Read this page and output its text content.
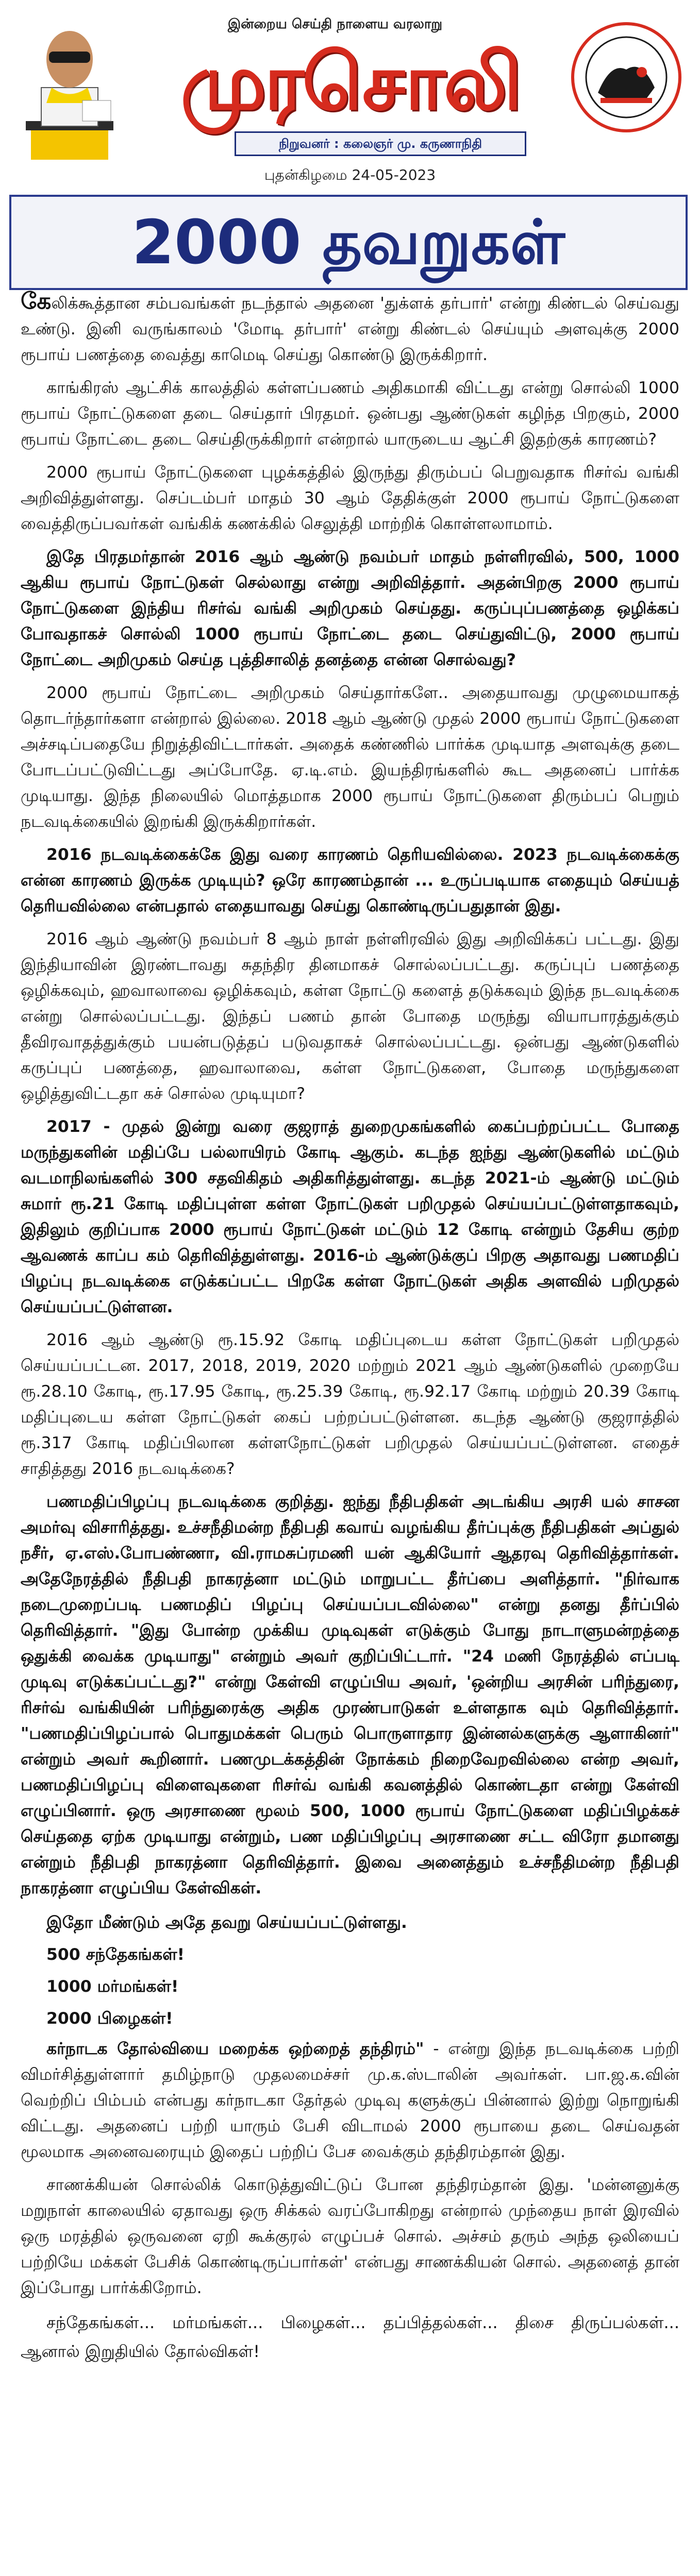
இன்றைய செய்தி நாளைய வரலாறு
முரசொலி
நிறுவனர் : கலைஞர் மு. கருணாநிதி
புதன்கிழமை 24-05-2023
2000 தவறுகள்

கேலிக்கூத்தான சம்பவங்கள் நடந்தால் அதனை 'துக்ளக் தர்பார்' என்று கிண்டல் செய்வது உண்டு. இனி வருங்காலம் 'மோடி தர்பார்' என்று கிண்டல் செய்யும் அளவுக்கு 2000 ரூபாய் பணத்தை வைத்து காமெடி செய்து கொண்டு இருக்கிறார்.

காங்கிரஸ் ஆட்சிக் காலத்தில் கள்ளப்பணம் அதிகமாகி விட்டது என்று சொல்லி 1000 ரூபாய் நோட்டுகளை தடை செய்தார் பிரதமர். ஒன்பது ஆண்டுகள் கழிந்த பிறகும், 2000 ரூபாய் நோட்டை தடை செய்திருக்கிறார் என்றால் யாருடைய ஆட்சி இதற்குக் காரணம்?

2000 ரூபாய் நோட்டுகளை புழக்கத்தில் இருந்து திரும்பப் பெறுவதாக ரிசர்வ் வங்கி அறிவித்துள்ளது. செப்டம்பர் மாதம் 30 ஆம் தேதிக்குள் 2000 ரூபாய் நோட்டுகளை வைத்திருப்பவர்கள் வங்கிக் கணக்கில் செலுத்தி மாற்றிக் கொள்ளலாமாம்.

இதே பிரதமர்தான் 2016 ஆம் ஆண்டு நவம்பர் மாதம் நள்ளிரவில், 500, 1000 ஆகிய ரூபாய் நோட்டுகள் செல்லாது என்று அறிவித்தார். அதன்பிறகு 2000 ரூபாய் நோட்டுகளை இந்திய ரிசர்வ் வங்கி அறிமுகம் செய்தது. கருப்புப்பணத்தை ஒழிக்கப் போவதாகச் சொல்லி 1000 ரூபாய் நோட்டை தடை செய்துவிட்டு, 2000 ரூபாய் நோட்டை அறிமுகம் செய்த புத்திசாலித் தனத்தை என்ன சொல்வது?

2000 ரூபாய் நோட்டை அறிமுகம் செய்தார்களே.. அதையாவது முழுமையாகத் தொடர்ந்தார்களா என்றால் இல்லை. 2018 ஆம் ஆண்டு முதல் 2000 ரூபாய் நோட்டுகளை அச்சடிப்பதையே நிறுத்திவிட்டார்கள். அதைக் கண்ணில் பார்க்க முடியாத அளவுக்கு தடை போடப்பட்டுவிட்டது அப்போதே. ஏ.டி.எம். இயந்திரங்களில் கூட அதனைப் பார்க்க முடியாது. இந்த நிலையில் மொத்தமாக 2000 ரூபாய் நோட்டுகளை திரும்பப் பெறும் நடவடிக்கையில் இறங்கி இருக்கிறார்கள்.

2016 நடவடிக்கைக்கே இது வரை காரணம் தெரியவில்லை. 2023 நடவடிக்கைக்கு என்ன காரணம் இருக்க முடியும்? ஒரே காரணம்தான் ... உருப்படியாக எதையும் செய்யத் தெரியவில்லை என்பதால் எதையாவது செய்து கொண்டிருப்பதுதான் இது.

2016 ஆம் ஆண்டு நவம்பர் 8 ஆம் நாள் நள்ளிரவில் இது அறிவிக்கப் பட்டது. இது இந்தியாவின் இரண்டாவது சுதந்திர தினமாகச் சொல்லப்பட்டது. கருப்புப் பணத்தை ஒழிக்கவும், ஹவாலாவை ஒழிக்கவும், கள்ள நோட்டு களைத் தடுக்கவும் இந்த நடவடிக்கை என்று சொல்லப்பட்டது. இந்தப் பணம் தான் போதை மருந்து வியாபாரத்துக்கும் தீவிரவாதத்துக்கும் பயன்படுத்தப் படுவதாகச் சொல்லப்பட்டது. ஒன்பது ஆண்டுகளில் கருப்புப் பணத்தை, ஹவாலாவை, கள்ள நோட்டுகளை, போதை மருந்துகளை ஒழித்துவிட்டதா கச் சொல்ல முடியுமா?

2017 - முதல் இன்று வரை குஜராத் துறைமுகங்களில் கைப்பற்றப்பட்ட போதை மருந்துகளின் மதிப்பே பல்லாயிரம் கோடி ஆகும். கடந்த ஐந்து ஆண்டுகளில் மட்டும் வடமாநிலங்களில் 300 சதவிகிதம் அதிகரித்துள்ளது. கடந்த 2021-ம் ஆண்டு மட்டும் சுமார் ரூ.21 கோடி மதிப்புள்ள கள்ள நோட்டுகள் பறிமுதல் செய்யப்பட்டுள்ளதாகவும், இதிலும் குறிப்பாக 2000 ரூபாய் நோட்டுகள் மட்டும் 12 கோடி என்றும் தேசிய குற்ற ஆவணக் காப்ப கம் தெரிவித்துள்ளது. 2016-ம் ஆண்டுக்குப் பிறகு அதாவது பணமதிப் பிழப்பு நடவடிக்கை எடுக்கப்பட்ட பிறகே கள்ள நோட்டுகள் அதிக அளவில் பறிமுதல் செய்யப்பட்டுள்ளன.

2016 ஆம் ஆண்டு ரூ.15.92 கோடி மதிப்புடைய கள்ள நோட்டுகள் பறிமுதல் செய்யப்பட்டன. 2017, 2018, 2019, 2020 மற்றும் 2021 ஆம் ஆண்டுகளில் முறையே ரூ.28.10 கோடி, ரூ.17.95 கோடி, ரூ.25.39 கோடி, ரூ.92.17 கோடி மற்றும் 20.39 கோடி மதிப்புடைய கள்ள நோட்டுகள் கைப் பற்றப்பட்டுள்ளன. கடந்த ஆண்டு குஜராத்தில் ரூ.317 கோடி மதிப்பிலான கள்ளநோட்டுகள் பறிமுதல் செய்யப்பட்டுள்ளன. எதைச் சாதித்தது 2016 நடவடிக்கை?

பணமதிப்பிழப்பு நடவடிக்கை குறித்து. ஐந்து நீதிபதிகள் அடங்கிய அரசி யல் சாசன அமர்வு விசாரித்தது. உச்சநீதிமன்ற நீதிபதி கவாய் வழங்கிய தீர்ப்புக்கு நீதிபதிகள் அப்துல் நசீர், ஏ.எஸ்.போபண்ணா, வி.ராமசுப்ரமணி யன் ஆகியோர் ஆதரவு தெரிவித்தார்கள். அதேநேரத்தில் நீதிபதி நாகரத்னா மட்டும் மாறுபட்ட தீர்ப்பை அளித்தார். "நிர்வாக நடைமுறைப்படி பணமதிப் பிழப்பு செய்யப்படவில்லை" என்று தனது தீர்ப்பில் தெரிவித்தார். "இது போன்ற முக்கிய முடிவுகள் எடுக்கும் போது நாடாளுமன்றத்தை ஒதுக்கி வைக்க முடியாது" என்றும் அவர் குறிப்பிட்டார். "24 மணி நேரத்தில் எப்படி முடிவு எடுக்கப்பட்டது?" என்று கேள்வி எழுப்பிய அவர், 'ஒன்றிய அரசின் பரிந்துரை, ரிசர்வ் வங்கியின் பரிந்துரைக்கு அதிக முரண்பாடுகள் உள்ளதாக வும் தெரிவித்தார். "பணமதிப்பிழப்பால் பொதுமக்கள் பெரும் பொருளாதார இன்னல்களுக்கு ஆளாகினர்" என்றும் அவர் கூறினார். பணமுடக்கத்தின் நோக்கம் நிறைவேறவில்லை என்ற அவர், பணமதிப்பிழப்பு விளைவுகளை ரிசர்வ் வங்கி கவனத்தில் கொண்டதா என்று கேள்வி எழுப்பினார். ஒரு அரசாணை மூலம் 500, 1000 ரூபாய் நோட்டுகளை மதிப்பிழக்கச் செய்ததை ஏற்க முடியாது என்றும், பண மதிப்பிழப்பு அரசாணை சட்ட விரோ தமானது என்றும் நீதிபதி நாகரத்னா தெரிவித்தார். இவை அனைத்தும் உச்சநீதிமன்ற நீதிபதி நாகரத்னா எழுப்பிய கேள்விகள்.

இதோ மீண்டும் அதே தவறு செய்யப்பட்டுள்ளது.

500 சந்தேகங்கள்!

1000 மர்மங்கள்!

2000 பிழைகள்!

கர்நாடக தோல்வியை மறைக்க ஒற்றைத் தந்திரம்" - என்று இந்த நடவடிக்கை பற்றி விமர்சித்துள்ளார் தமிழ்நாடு முதலமைச்சர் மு.க.ஸ்டாலின் அவர்கள். பா.ஜ.க.வின் வெற்றிப் பிம்பம் என்பது கர்நாடகா தேர்தல் முடிவு களுக்குப் பின்னால் இற்று நொறுங்கி விட்டது. அதனைப் பற்றி யாரும் பேசி விடாமல் 2000 ரூபாயை தடை செய்வதன் மூலமாக அனைவரையும் இதைப் பற்றிப் பேச வைக்கும் தந்திரம்தான் இது.

சாணக்கியன் சொல்லிக் கொடுத்துவிட்டுப் போன தந்திரம்தான் இது. 'மன்னனுக்கு மறுநாள் காலையில் ஏதாவது ஒரு சிக்கல் வரப்போகிறது என்றால் முந்தைய நாள் இரவில் ஒரு மரத்தில் ஒருவனை ஏறி கூக்குரல் எழுப்பச் சொல். அச்சம் தரும் அந்த ஒலியைப் பற்றியே மக்கள் பேசிக் கொண்டிருப்பார்கள்' என்பது சாணக்கியன் சொல். அதனைத் தான் இப்போது பார்க்கிறோம்.

சந்தேகங்கள்... மர்மங்கள்... பிழைகள்... தப்பித்தல்கள்... திசை திருப்பல்கள்... ஆனால் இறுதியில் தோல்விகள்!
